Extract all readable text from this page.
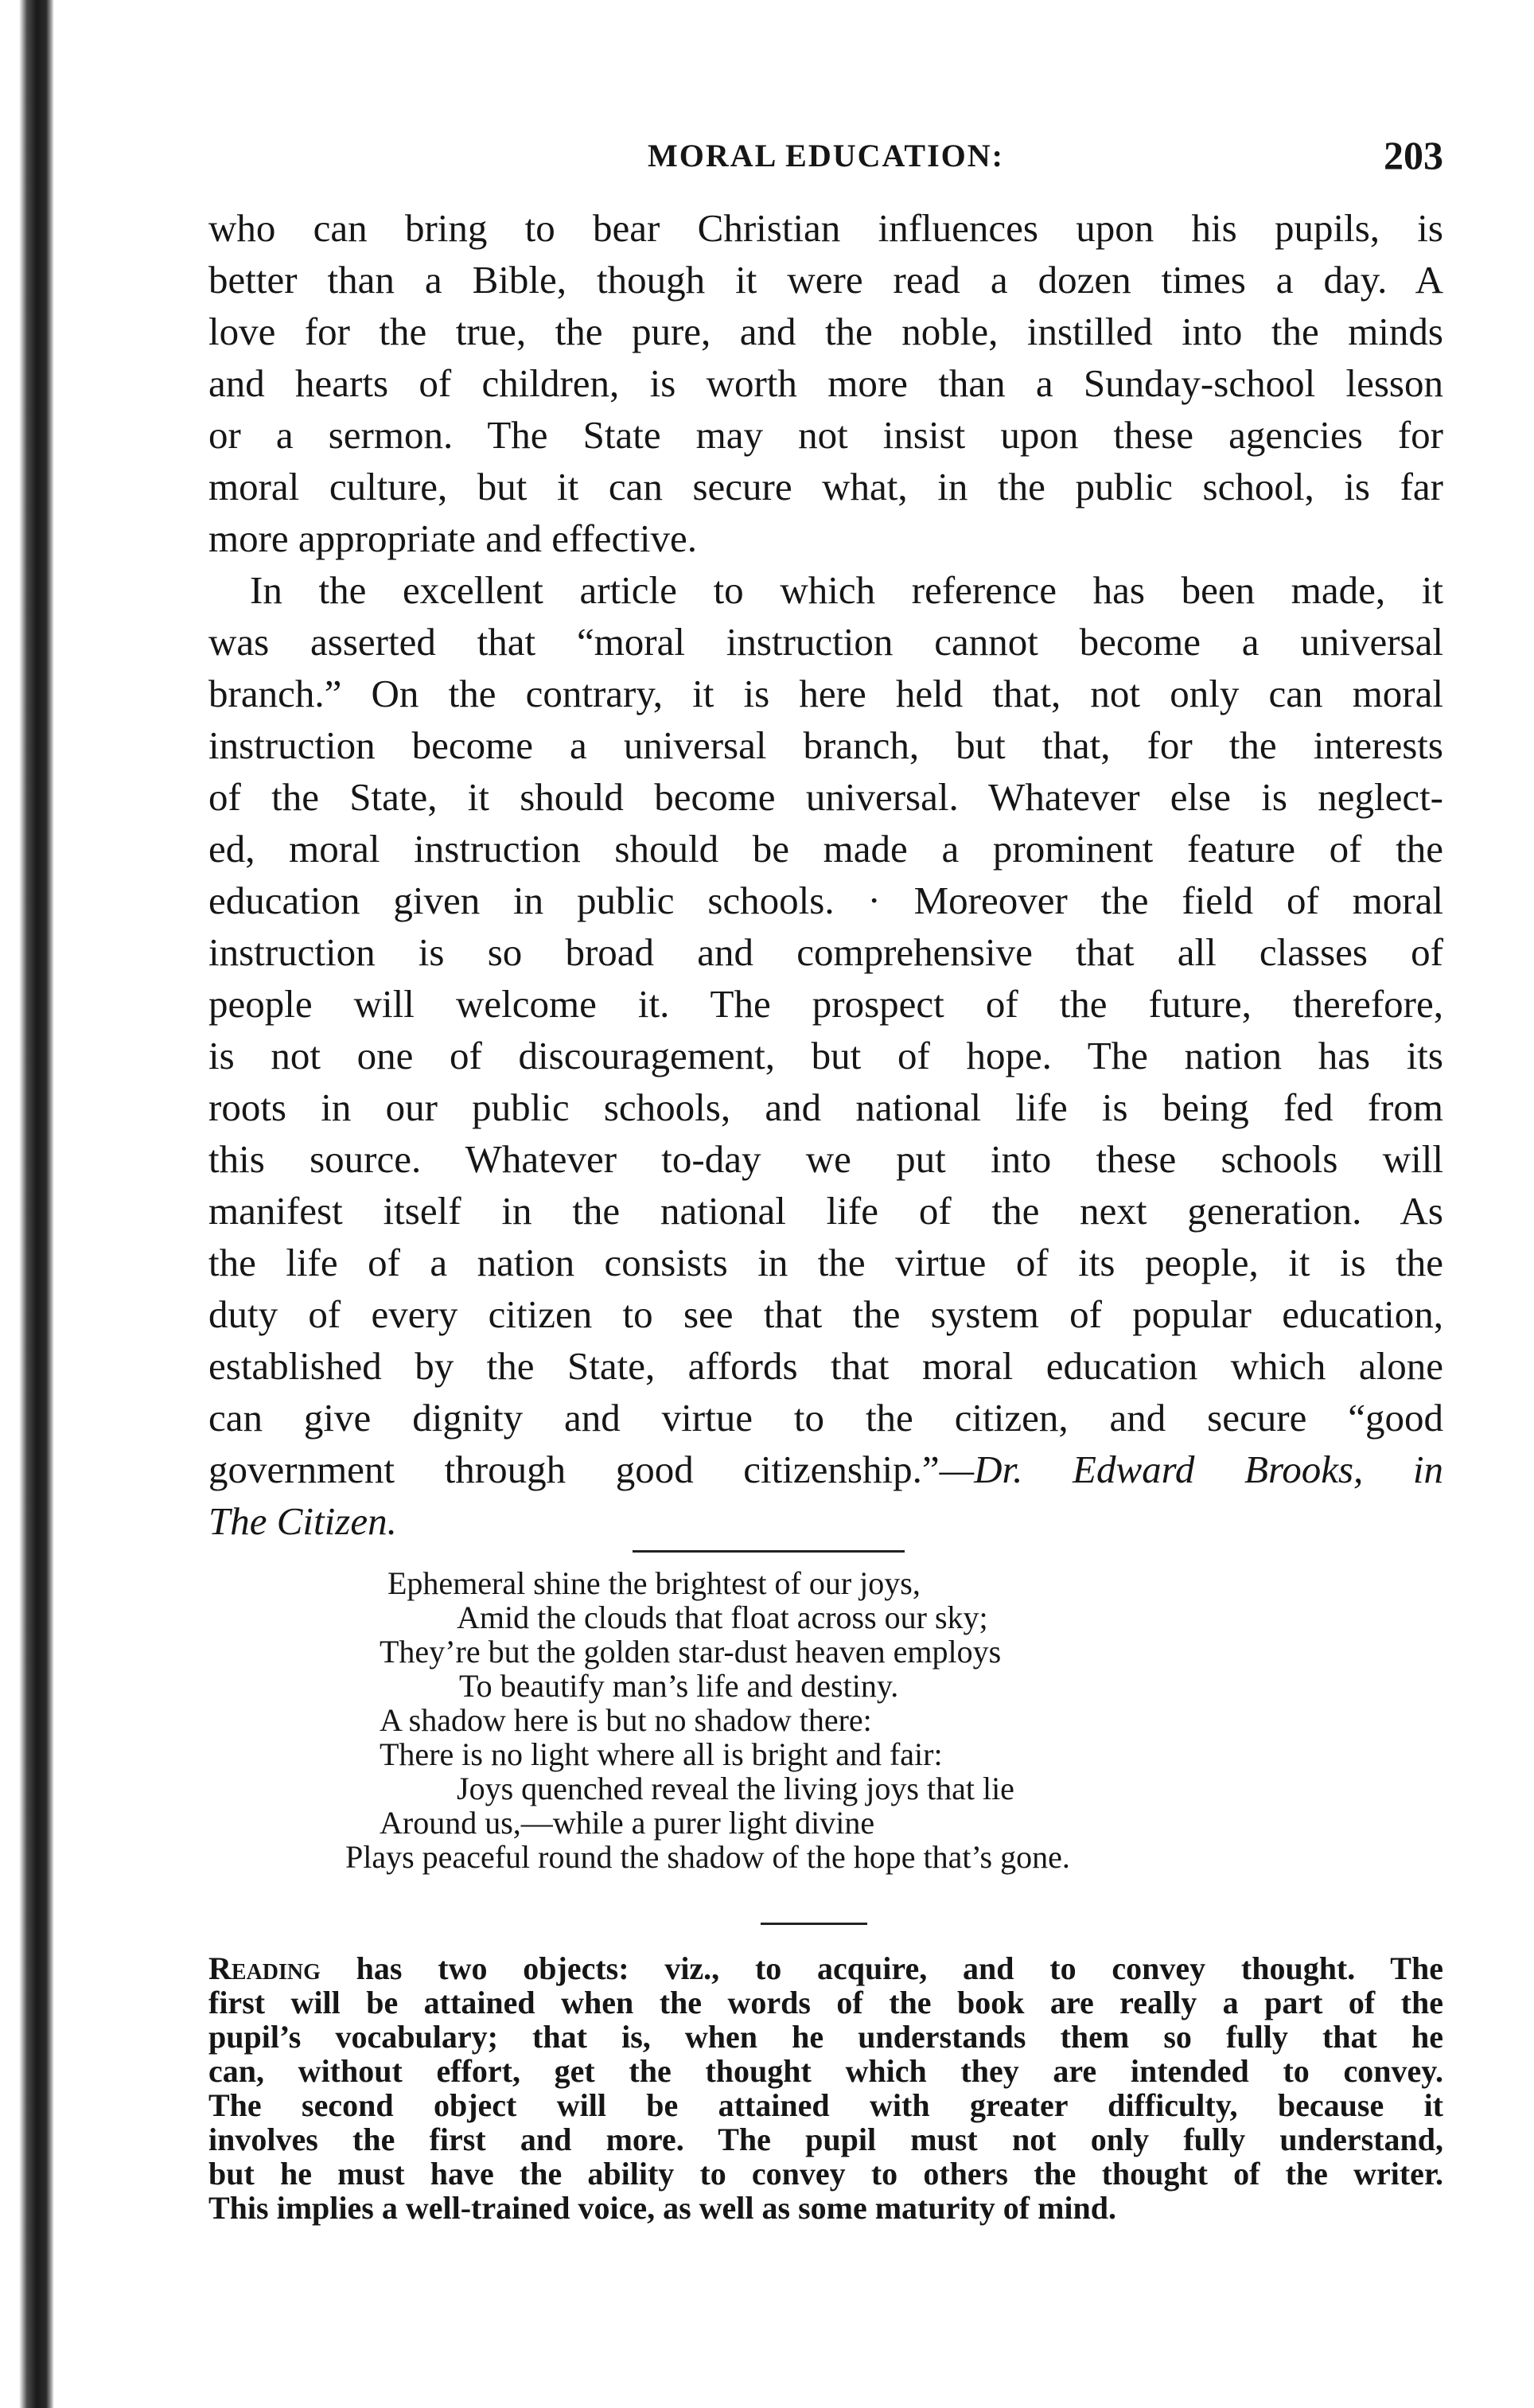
MORAL EDUCATION:	203
who can bring to bear Christian influences upon his pupils, is
better than a Bible, though it were read a dozen times a day. A
love for the true, the pure, and the noble, instilled into the minds
and hearts of children, is worth more than a Sunday-school lesson
or a sermon. The State may not insist upon these agencies for
moral culture, but it can secure what, in the public school, is far
more appropriate and effective.
In the excellent article to which reference has been made, it
was asserted that “moral instruction cannot become a universal
branch.” On the contrary, it is here held that, not only can moral
instruction become a universal branch, but that, for the interests
of the State, it should become universal. Whatever else is neglect-
ed, moral instruction should be made a prominent feature of the
education given in public schools. · Moreover the field of moral
instruction is so broad and comprehensive that all classes of
people will welcome it. The prospect of the future, therefore,
is not one of discouragement, but of hope. The nation has its
roots in our public schools, and national life is being fed from
this source. Whatever to-day we put into these schools will
manifest itself in the national life of the next generation. As
the life of a nation consists in the virtue of its people, it is the
duty of every citizen to see that the system of popular education,
established by the State, affords that moral education which alone
can give dignity and virtue to the citizen, and secure “good
government through good citizenship.”—Dr. Edward Brooks, in
The Citizen.
Ephemeral shine the brightest of our joys,
Amid the clouds that float across our sky;
They’re but the golden star-dust heaven employs
To beautify man’s life and destiny.
A shadow here is but no shadow there:
There is no light where all is bright and fair:
Joys quenched reveal the living joys that lie
Around us,—while a purer light divine
Plays peaceful round the shadow of the hope that’s gone.
Reading has two objects: viz., to acquire, and to convey thought. The
first will be attained when the words of the book are really a part of the
pupil’s vocabulary; that is, when he understands them so fully that he
can, without effort, get the thought which they are intended to convey.
The second object will be attained with greater difficulty, because it
involves the first and more. The pupil must not only fully understand,
but he must have the ability to convey to others the thought of the writer.
This implies a well-trained voice, as well as some maturity of mind.
